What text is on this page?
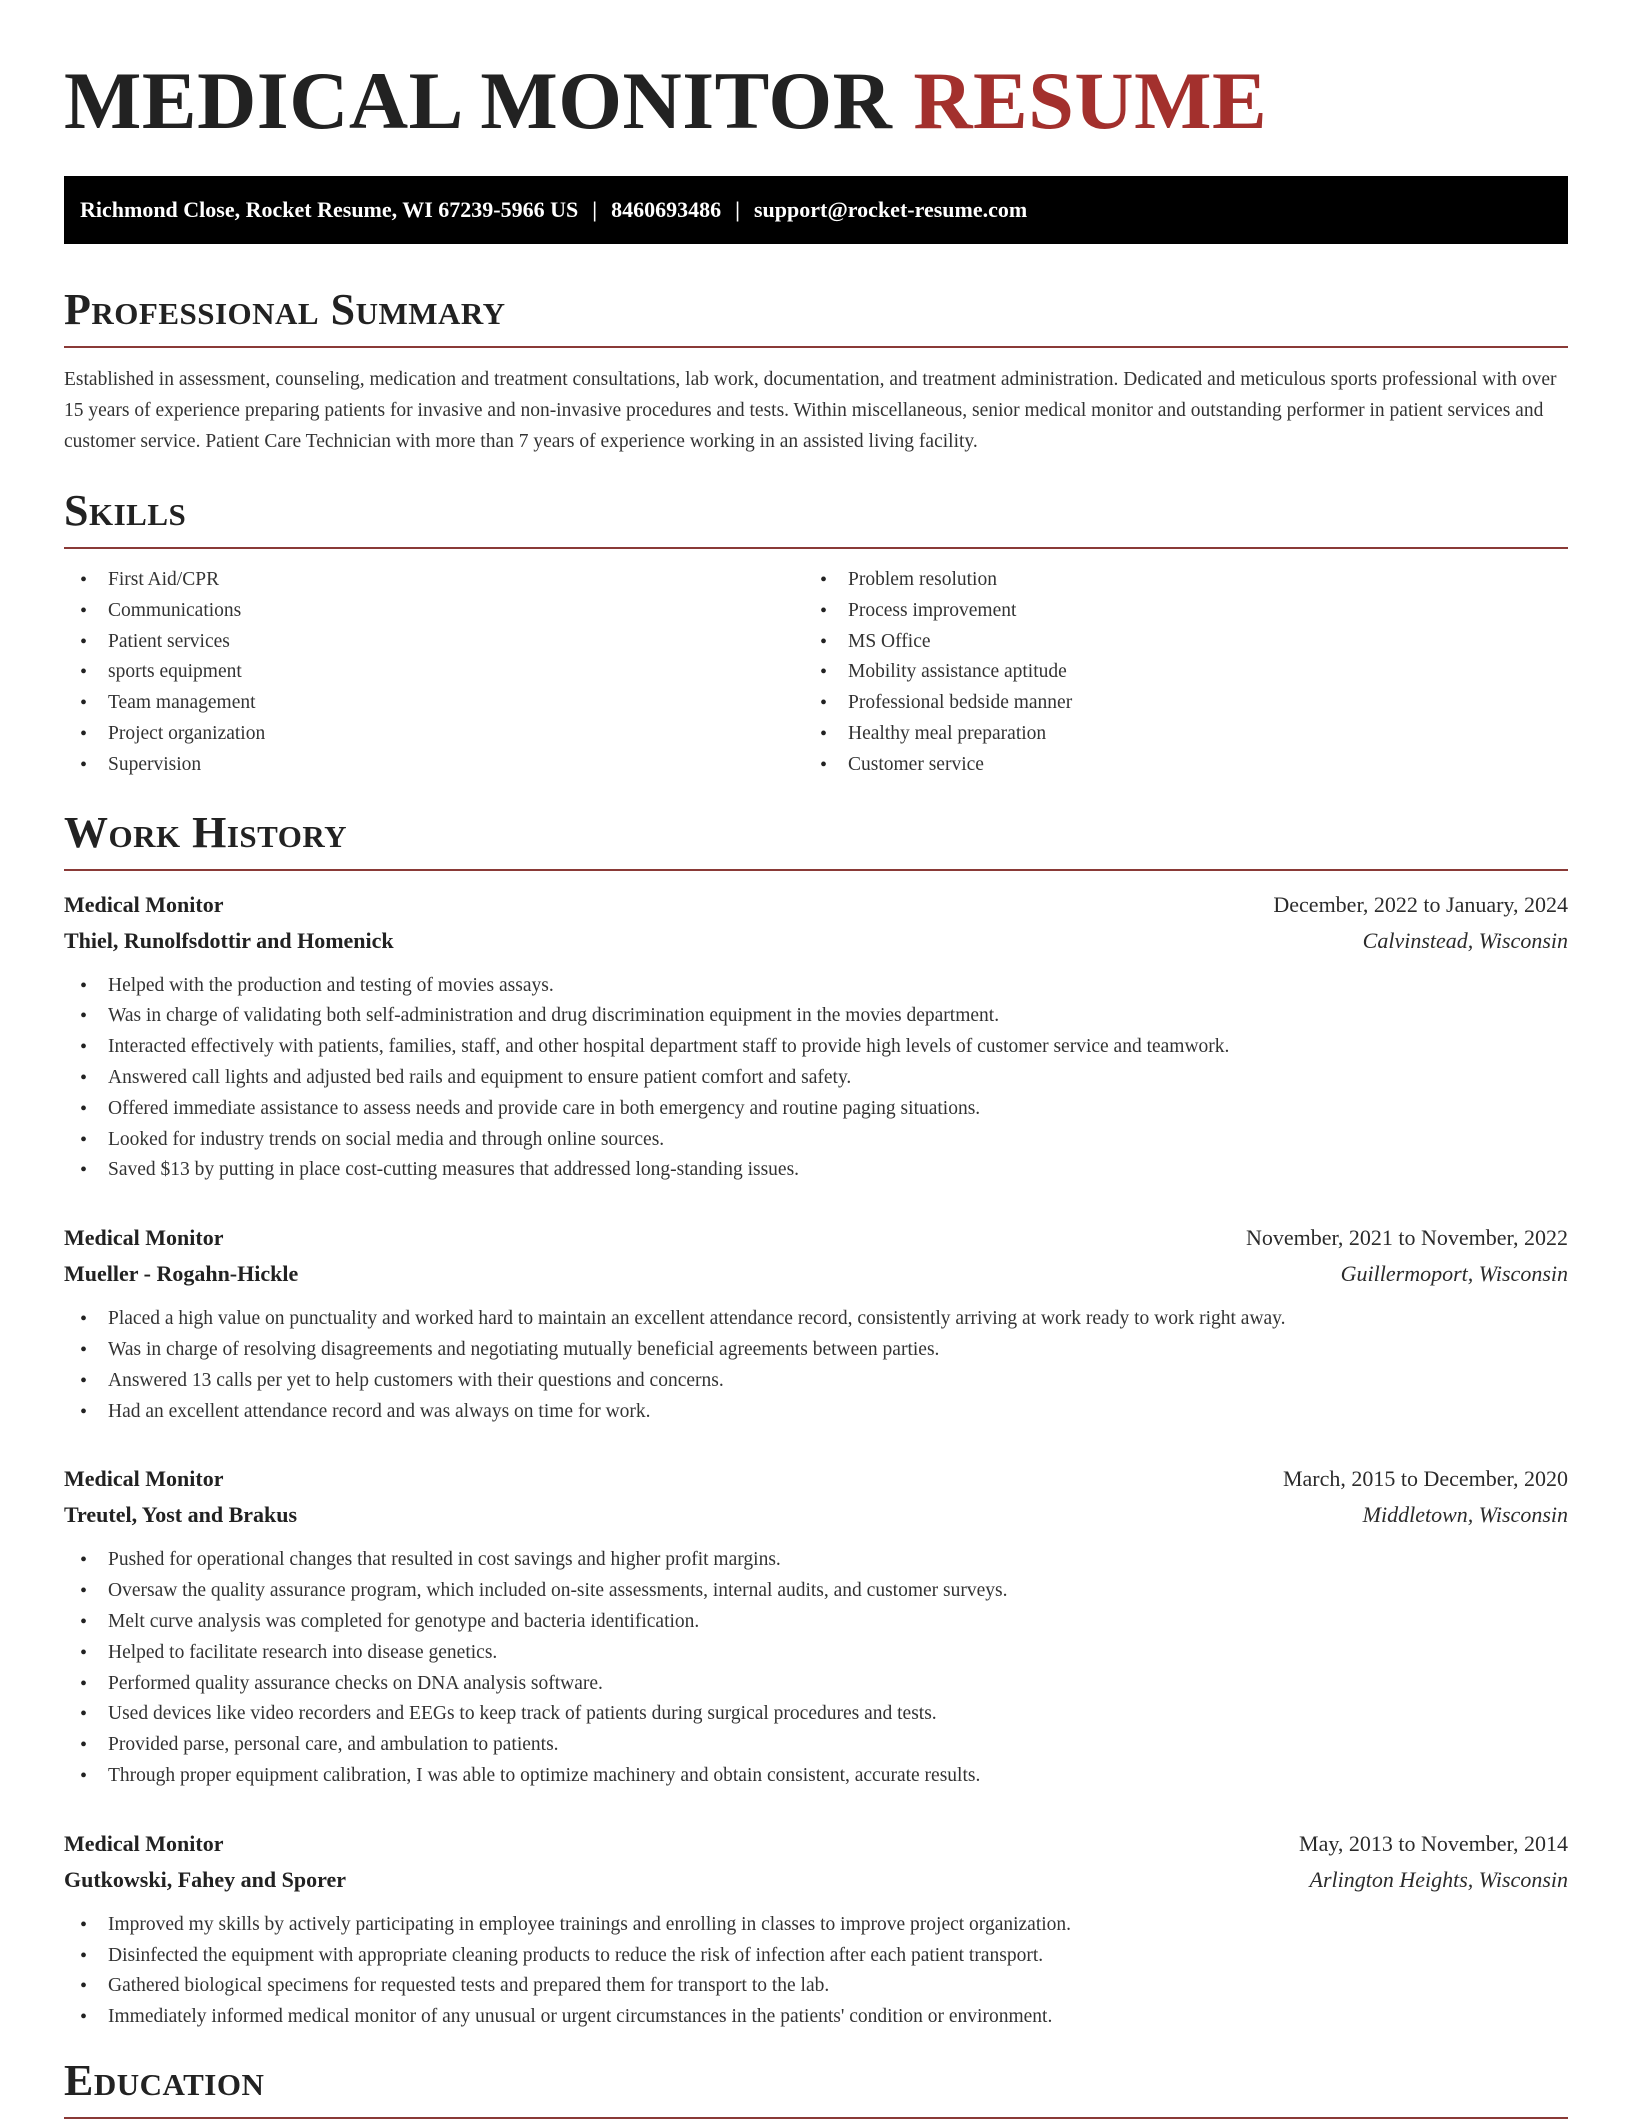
MEDICAL MONITOR RESUME
Richmond Close, Rocket Resume, WI 67239-5966 US | 8460693486 | support@rocket-resume.com
Professional Summary

Established in assessment, counseling, medication and treatment consultations, lab work, documentation, and treatment administration. Dedicated and meticulous sports professional with over 15 years of experience preparing patients for invasive and non-invasive procedures and tests. Within miscellaneous, senior medical monitor and outstanding performer in patient services and customer service. Patient Care Technician with more than 7 years of experience working in an assisted living facility.

Skills
• First Aid/CPR
• Communications
• Patient services
• sports equipment
• Team management
• Project organization
• Supervision
• Problem resolution
• Process improvement
• MS Office
• Mobility assistance aptitude
• Professional bedside manner
• Healthy meal preparation
• Customer service
Work History
Medical Monitor	December, 2022 to January, 2024
Thiel, Runolfsdottir and Homenick	Calvinstead, Wisconsin
• Helped with the production and testing of movies assays.
• Was in charge of validating both self-administration and drug discrimination equipment in the movies department.
• Interacted effectively with patients, families, staff, and other hospital department staff to provide high levels of customer service and teamwork.
• Answered call lights and adjusted bed rails and equipment to ensure patient comfort and safety.
• Offered immediate assistance to assess needs and provide care in both emergency and routine paging situations.
• Looked for industry trends on social media and through online sources.
• Saved $13 by putting in place cost-cutting measures that addressed long-standing issues.
Medical Monitor	November, 2021 to November, 2022
Mueller - Rogahn-Hickle	Guillermoport, Wisconsin
• Placed a high value on punctuality and worked hard to maintain an excellent attendance record, consistently arriving at work ready to work right away.
• Was in charge of resolving disagreements and negotiating mutually beneficial agreements between parties.
• Answered 13 calls per yet to help customers with their questions and concerns.
• Had an excellent attendance record and was always on time for work.
Medical Monitor	March, 2015 to December, 2020
Treutel, Yost and Brakus	Middletown, Wisconsin
• Pushed for operational changes that resulted in cost savings and higher profit margins.
• Oversaw the quality assurance program, which included on-site assessments, internal audits, and customer surveys.
• Melt curve analysis was completed for genotype and bacteria identification.
• Helped to facilitate research into disease genetics.
• Performed quality assurance checks on DNA analysis software.
• Used devices like video recorders and EEGs to keep track of patients during surgical procedures and tests.
• Provided parse, personal care, and ambulation to patients.
• Through proper equipment calibration, I was able to optimize machinery and obtain consistent, accurate results.
Medical Monitor	May, 2013 to November, 2014
Gutkowski, Fahey and Sporer	Arlington Heights, Wisconsin
• Improved my skills by actively participating in employee trainings and enrolling in classes to improve project organization.
• Disinfected the equipment with appropriate cleaning products to reduce the risk of infection after each patient transport.
• Gathered biological specimens for requested tests and prepared them for transport to the lab.
• Immediately informed medical monitor of any unusual or urgent circumstances in the patients' condition or environment.
Education
